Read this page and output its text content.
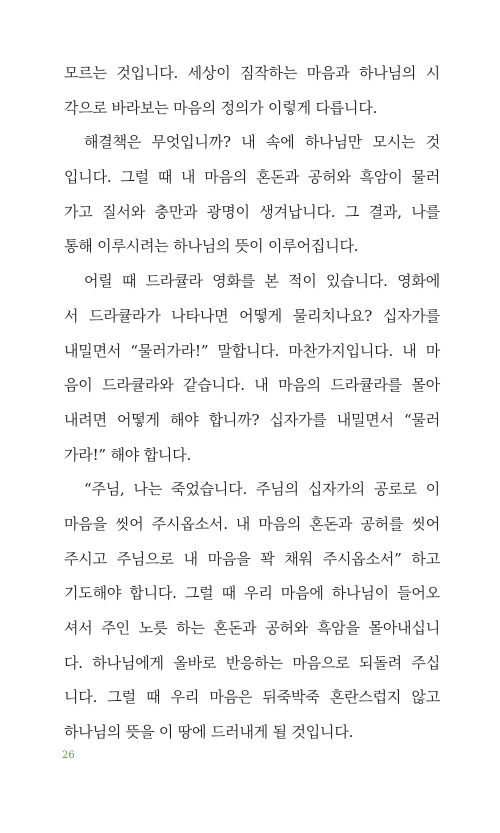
모르는 것입니다. 세상이 짐작하는 마음과 하나님의 시
각으로 바라보는 마음의 정의가 이렇게 다릅니다.
해결책은 무엇입니까? 내 속에 하나님만 모시는 것
입니다. 그럴 때 내 마음의 혼돈과 공허와 흑암이 물러
가고 질서와 충만과 광명이 생겨납니다. 그 결과, 나를
통해 이루시려는 하나님의 뜻이 이루어집니다.
어릴 때 드라큘라 영화를 본 적이 있습니다. 영화에
서 드라큘라가 나타나면 어떻게 물리치나요? 십자가를
내밀면서 “물러가라!” 말합니다. 마찬가지입니다. 내 마
음이 드라큘라와 같습니다. 내 마음의 드라큘라를 몰아
내려면 어떻게 해야 합니까? 십자가를 내밀면서 “물러
가라!” 해야 합니다.
“주님, 나는 죽었습니다. 주님의 십자가의 공로로 이
마음을 씻어 주시옵소서. 내 마음의 혼돈과 공허를 씻어
주시고 주님으로 내 마음을 꽉 채워 주시옵소서” 하고
기도해야 합니다. 그럴 때 우리 마음에 하나님이 들어오
셔서 주인 노릇 하는 혼돈과 공허와 흑암을 몰아내십니
다. 하나님에게 올바로 반응하는 마음으로 되돌려 주십
니다. 그럴 때 우리 마음은 뒤죽박죽 혼란스럽지 않고
하나님의 뜻을 이 땅에 드러내게 될 것입니다.
26
